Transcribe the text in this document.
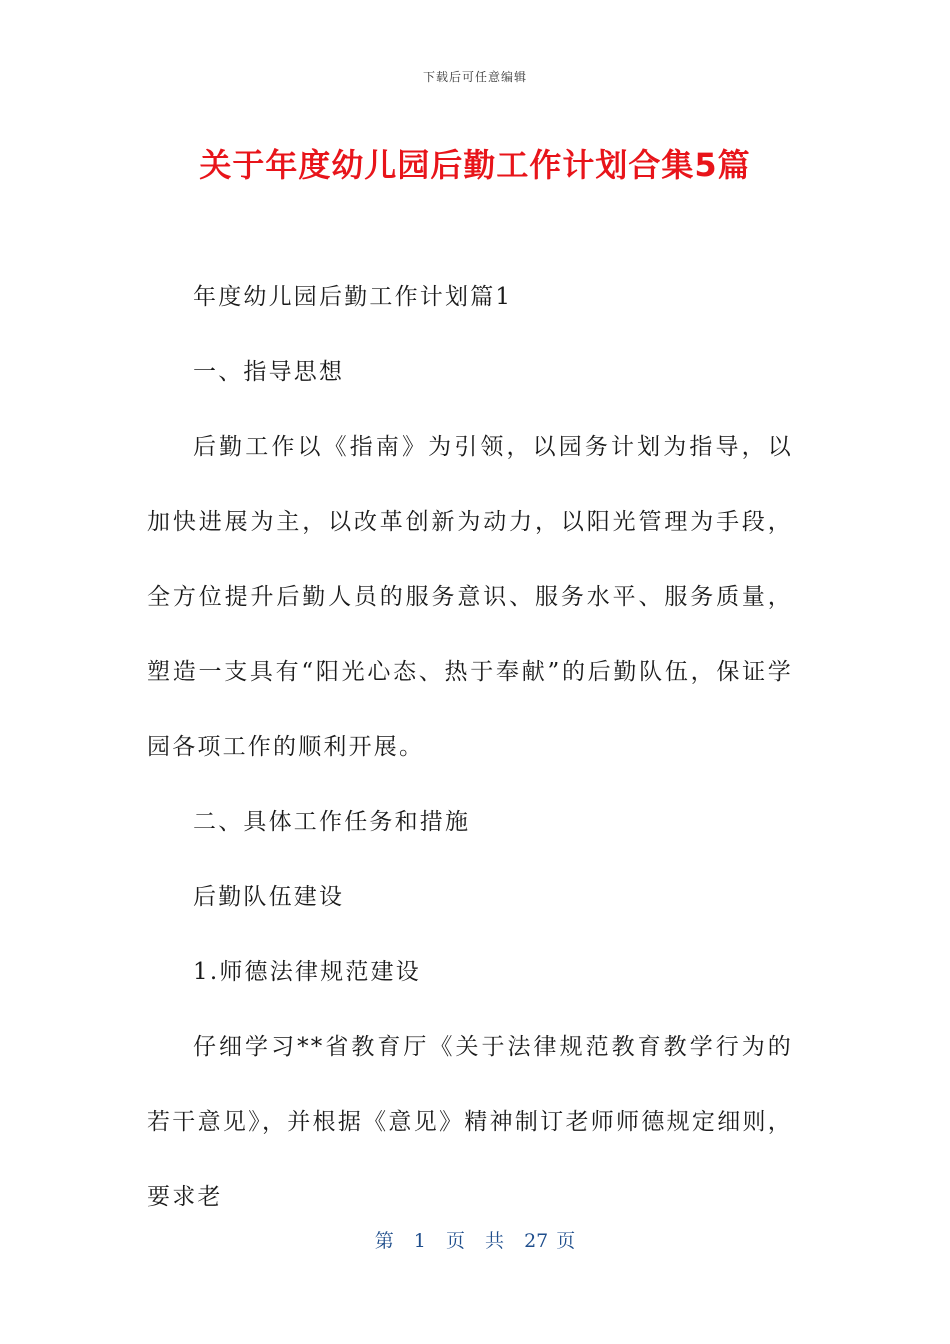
下载后可任意编辑
关于年度幼儿园后勤工作计划合集5篇

年度幼儿园后勤工作计划篇1

一、指导思想

后勤工作以《指南》为引领，以园务计划为指导，以加快进展为主，以改革创新为动力，以阳光管理为手段，全方位提升后勤人员的服务意识、服务水平、服务质量，塑造一支具有“阳光心态、热于奉献”的后勤队伍，保证学园各项工作的顺利开展。

二、具体工作任务和措施

后勤队伍建设

1.师德法律规范建设

仔细学习**省教育厅《关于法律规范教育教学行为的若干意见》，并根据《意见》精神制订老师师德规定细则，要求老

第 1 页 共 27 页
